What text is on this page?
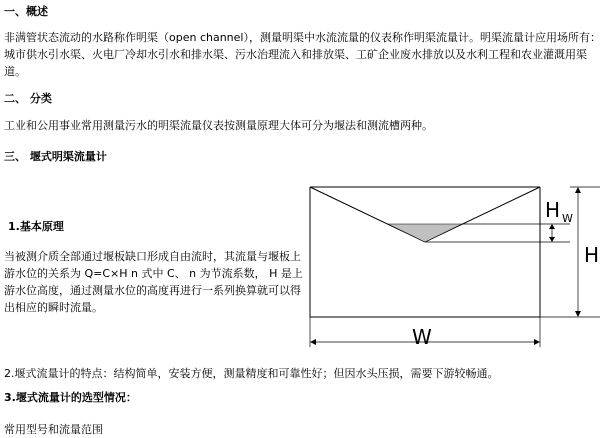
一、概述
非满管状态流动的水路称作明渠（open channel），测量明渠中水流流量的仪表称作明渠流量计。明渠流量计应用场所有：城市供水引水渠、火电厂冷却水引水和排水渠、污水治理流入和排放渠、工矿企业废水排放以及水利工程和农业灌溉用渠道。
二、 分类
工业和公用事业常用测量污水的明渠流量仪表按测量原理大体可分为堰法和测流槽两种。
三、 堰式明渠流量计
1.基本原理
当被测介质全部通过堰板缺口形成自由流时，其流量与堰板上游水位的关系为 Q=C×H n 式中 C、 n 为节流系数， H 是上游水位高度，通过测量水位的高度再进行一系列换算就可以得出相应的瞬时流量。
H W
H
W
2.堰式流量计的特点：结构简单，安装方便，测量精度和可靠性好；但因水头压损，需要下游较畅通。
3.堰式流量计的选型情况：
常用型号和流量范围
